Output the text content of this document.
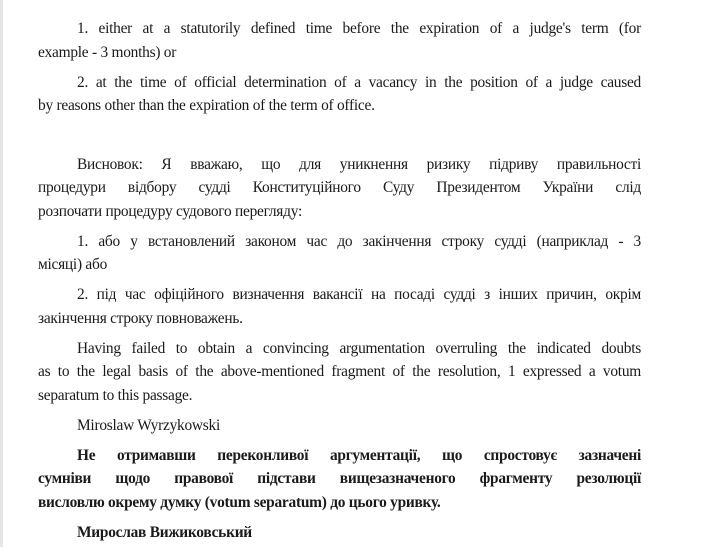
1. either at a statutorily defined time before the expiration of a judge's term (for
example - 3 months) or
2. at the time of official determination of a vacancy in the position of a judge caused
by reasons other than the expiration of the term of office.
Висновок: Я вважаю, що для уникнення ризику підриву правильності
процедури відбору судді Конституційного Суду Президентом України слід
розпочати процедуру судового перегляду:
1. або у встановлений законом час до закінчення строку судді (наприклад - 3
місяці) або
2. під час офіційного визначення вакансії на посаді судді з інших причин, окрім
закінчення строку повноважень.
Having failed to obtain a convincing argumentation overruling the indicated doubts
as to the legal basis of the above-mentioned fragment of the resolution, 1 expressed a votum
separatum to this passage.
Miroslaw Wyrzykowski
Не отримавши переконливої аргументації, що спростовує зазначені
сумніви щодо правової підстави вищезазначеного фрагменту резолюції
висловлю окрему думку (votum separatum) до цього уривку.
Мирослав Вижиковський
